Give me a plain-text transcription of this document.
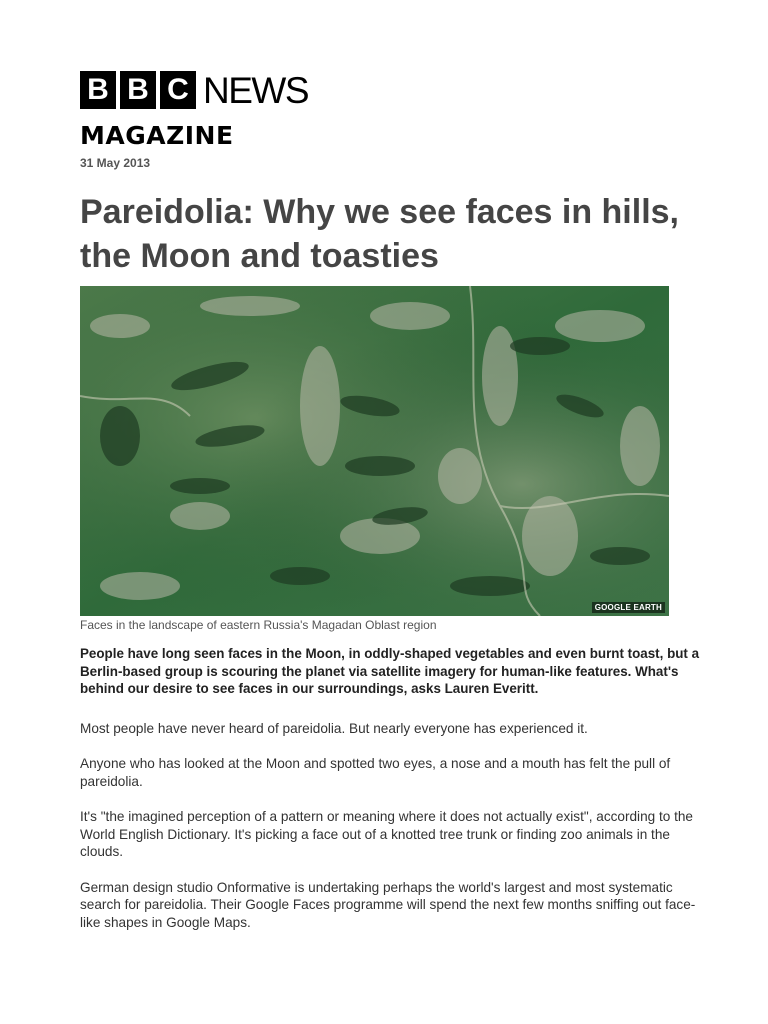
B B C NEWS
MAGAZINE
31 May 2013
Pareidolia: Why we see faces in hills, the Moon and toasties
GOOGLE EARTH
Faces in the landscape of eastern Russia's Magadan Oblast region

People have long seen faces in the Moon, in oddly-shaped vegetables and even burnt toast, but a Berlin-based group is scouring the planet via satellite imagery for human-like features. What's behind our desire to see faces in our surroundings, asks Lauren Everitt.

Most people have never heard of pareidolia. But nearly everyone has experienced it.

Anyone who has looked at the Moon and spotted two eyes, a nose and a mouth has felt the pull of pareidolia.

It's "the imagined perception of a pattern or meaning where it does not actually exist", according to the World English Dictionary. It's picking a face out of a knotted tree trunk or finding zoo animals in the clouds.

German design studio Onformative is undertaking perhaps the world's largest and most systematic search for pareidolia. Their Google Faces programme will spend the next few months sniffing out face-like shapes in Google Maps.
